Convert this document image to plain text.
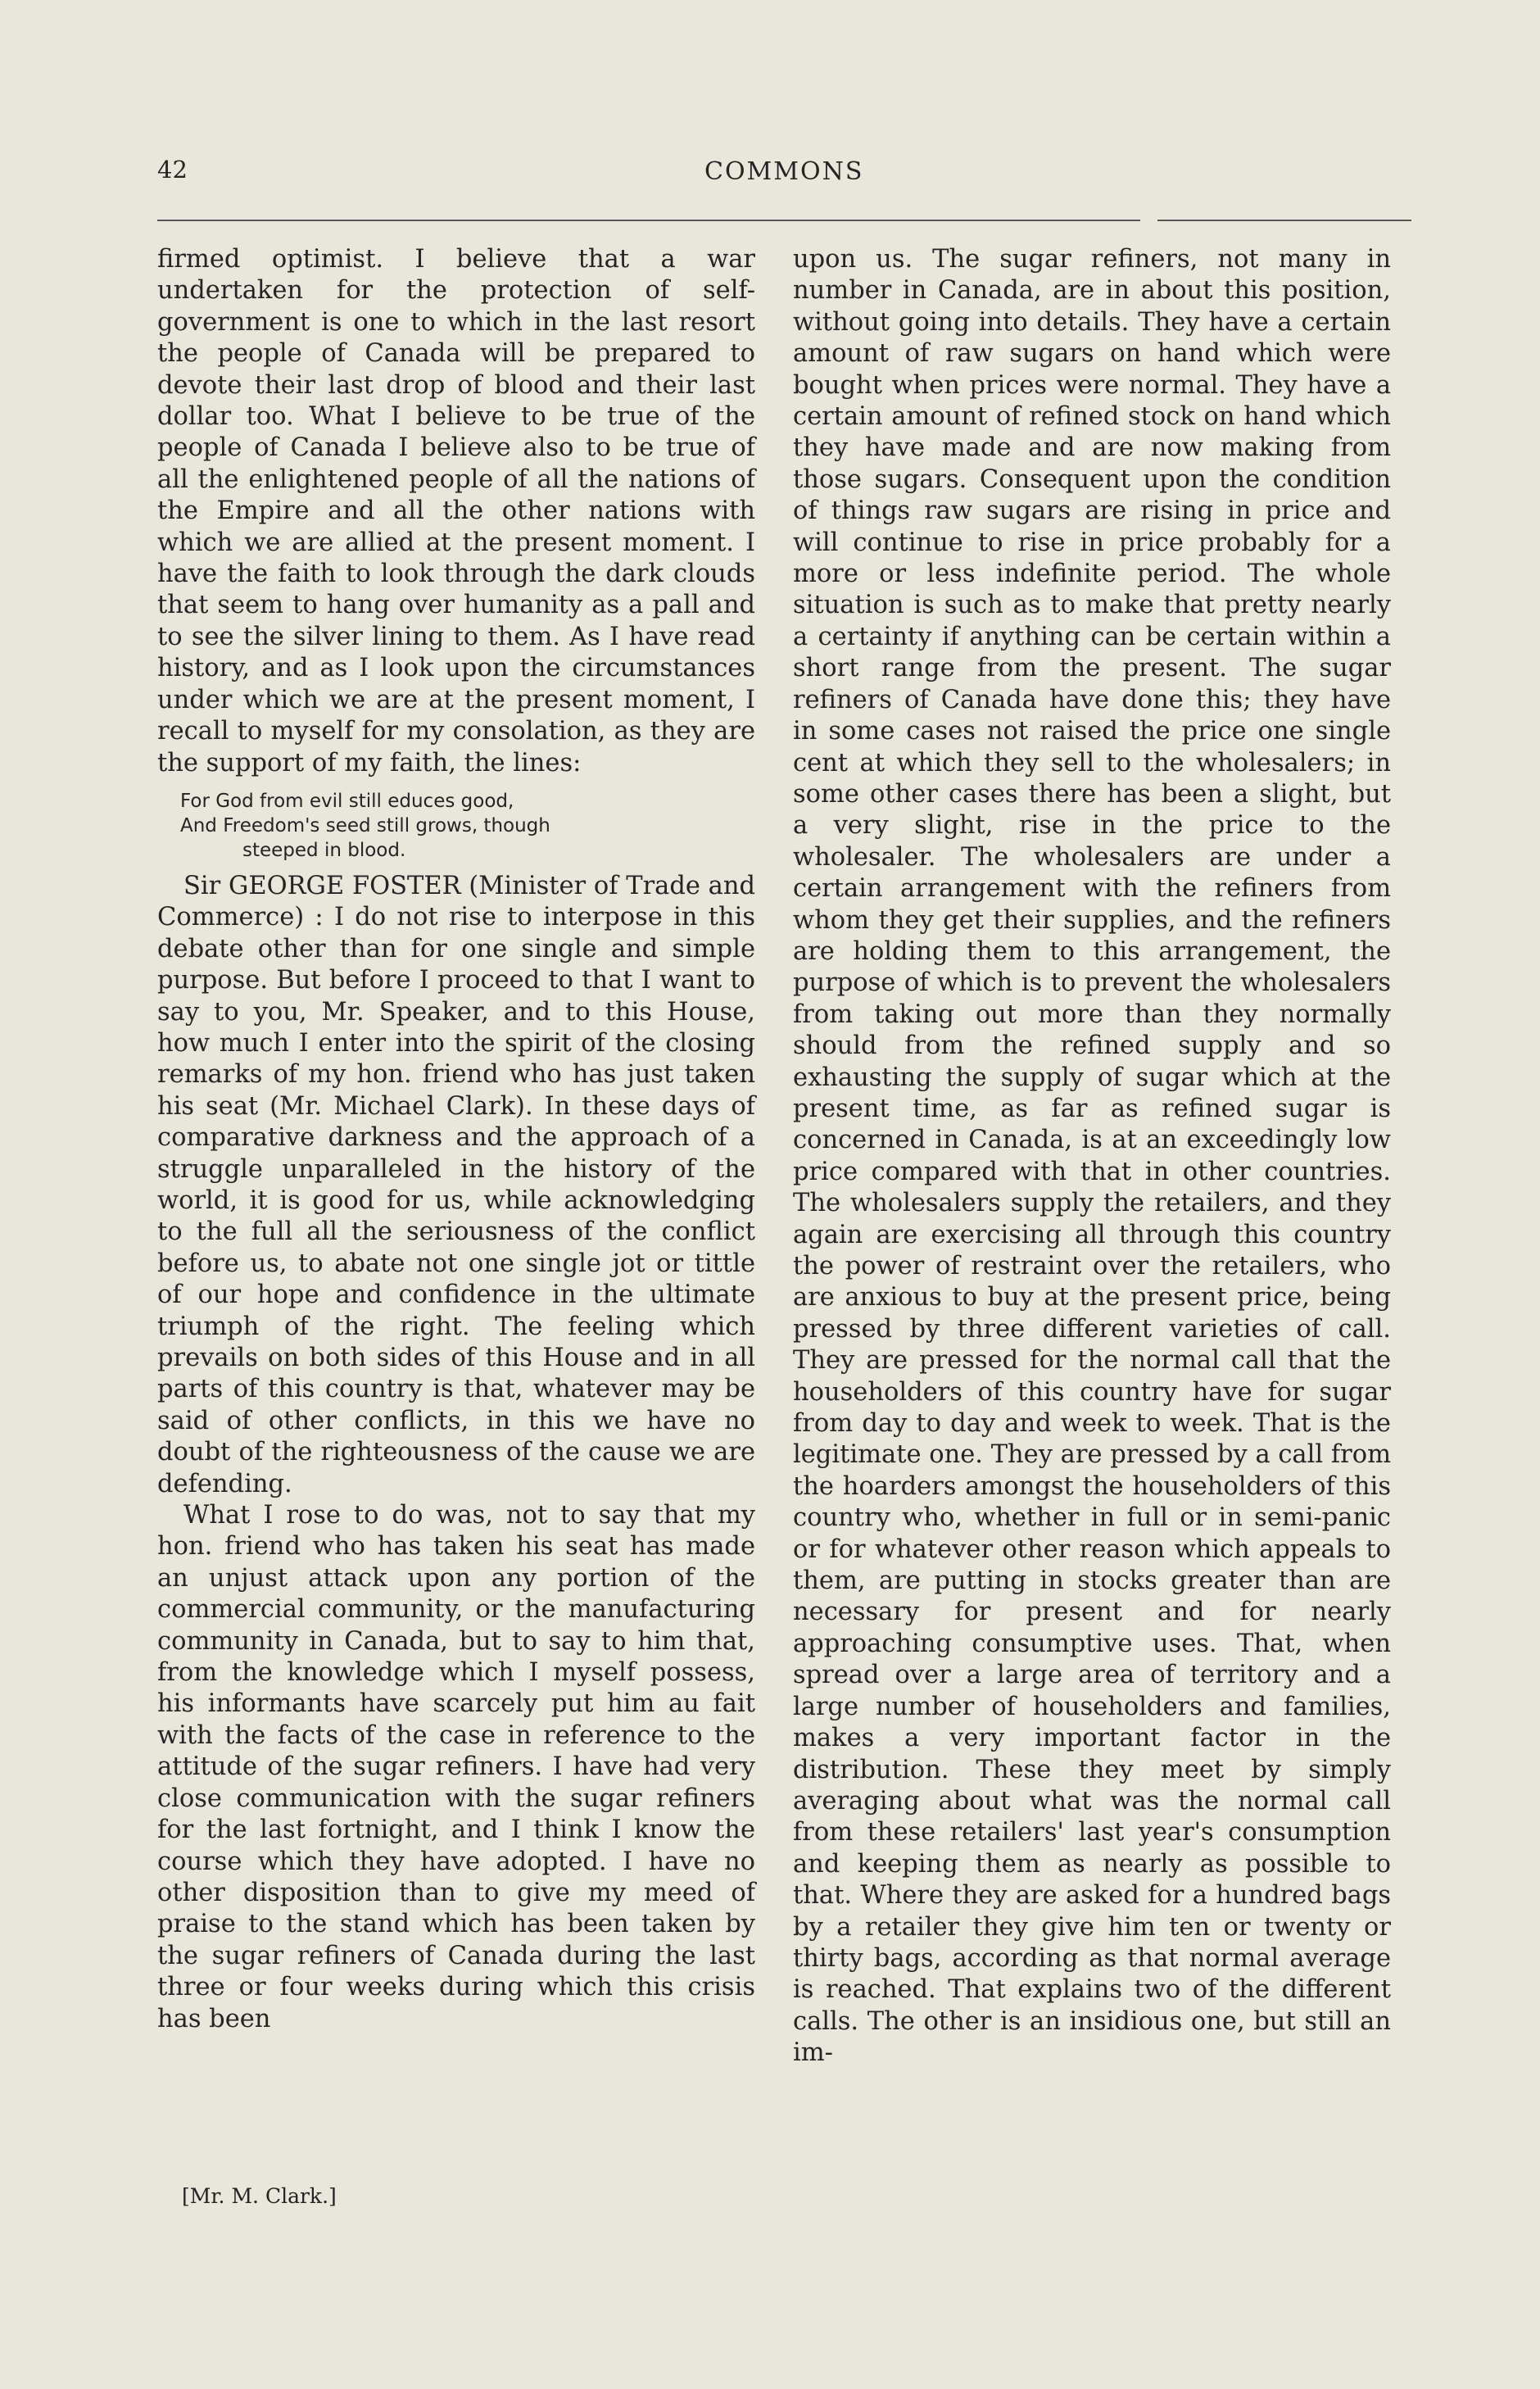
42	COMMONS

firmed optimist. I believe that a war undertaken for the protection of self-government is one to which in the last resort the people of Canada will be prepared to devote their last drop of blood and their last dollar too. What I believe to be true of the people of Canada I believe also to be true of all the enlightened people of all the nations of the Empire and all the other nations with which we are allied at the present moment. I have the faith to look through the dark clouds that seem to hang over humanity as a pall and to see the silver lining to them. As I have read history, and as I look upon the circumstances under which we are at the present moment, I recall to myself for my consolation, as they are the support of my faith, the lines:

For God from evil still educes good,
And Freedom's seed still grows, though
steeped in blood.

Sir GEORGE FOSTER (Minister of Trade and Commerce) : I do not rise to interpose in this debate other than for one single and simple purpose. But before I proceed to that I want to say to you, Mr. Speaker, and to this House, how much I enter into the spirit of the closing remarks of my hon. friend who has just taken his seat (Mr. Michael Clark). In these days of comparative darkness and the approach of a struggle unparalleled in the history of the world, it is good for us, while acknowledging to the full all the seriousness of the conflict before us, to abate not one single jot or tittle of our hope and confidence in the ultimate triumph of the right. The feeling which prevails on both sides of this House and in all parts of this country is that, whatever may be said of other conflicts, in this we have no doubt of the righteousness of the cause we are defending.

What I rose to do was, not to say that my hon. friend who has taken his seat has made an unjust attack upon any portion of the commercial community, or the manufacturing community in Canada, but to say to him that, from the knowledge which I myself possess, his informants have scarcely put him au fait with the facts of the case in reference to the attitude of the sugar refiners. I have had very close communication with the sugar refiners for the last fortnight, and I think I know the course which they have adopted. I have no other disposition than to give my meed of praise to the stand which has been taken by the sugar refiners of Canada during the last three or four weeks during which this crisis has been

upon us. The sugar refiners, not many in number in Canada, are in about this position, without going into details. They have a certain amount of raw sugars on hand which were bought when prices were normal. They have a certain amount of refined stock on hand which they have made and are now making from those sugars. Consequent upon the condition of things raw sugars are rising in price and will continue to rise in price probably for a more or less indefinite period. The whole situation is such as to make that pretty nearly a certainty if anything can be certain within a short range from the present. The sugar refiners of Canada have done this; they have in some cases not raised the price one single cent at which they sell to the wholesalers; in some other cases there has been a slight, but a very slight, rise in the price to the wholesaler. The wholesalers are under a certain arrangement with the refiners from whom they get their supplies, and the refiners are holding them to this arrangement, the purpose of which is to prevent the wholesalers from taking out more than they normally should from the refined supply and so exhausting the supply of sugar which at the present time, as far as refined sugar is concerned in Canada, is at an exceedingly low price compared with that in other countries. The wholesalers supply the retailers, and they again are exercising all through this country the power of restraint over the retailers, who are anxious to buy at the present price, being pressed by three different varieties of call. They are pressed for the normal call that the householders of this country have for sugar from day to day and week to week. That is the legitimate one. They are pressed by a call from the hoarders amongst the householders of this country who, whether in full or in semi-panic or for whatever other reason which appeals to them, are putting in stocks greater than are necessary for present and for nearly approaching consumptive uses. That, when spread over a large area of territory and a large number of householders and families, makes a very important factor in the distribution. These they meet by simply averaging about what was the normal call from these retailers' last year's consumption and keeping them as nearly as possible to that. Where they are asked for a hundred bags by a retailer they give him ten or twenty or thirty bags, according as that normal average is reached. That explains two of the different calls. The other is an insidious one, but still an im-

[Mr. M. Clark.]
